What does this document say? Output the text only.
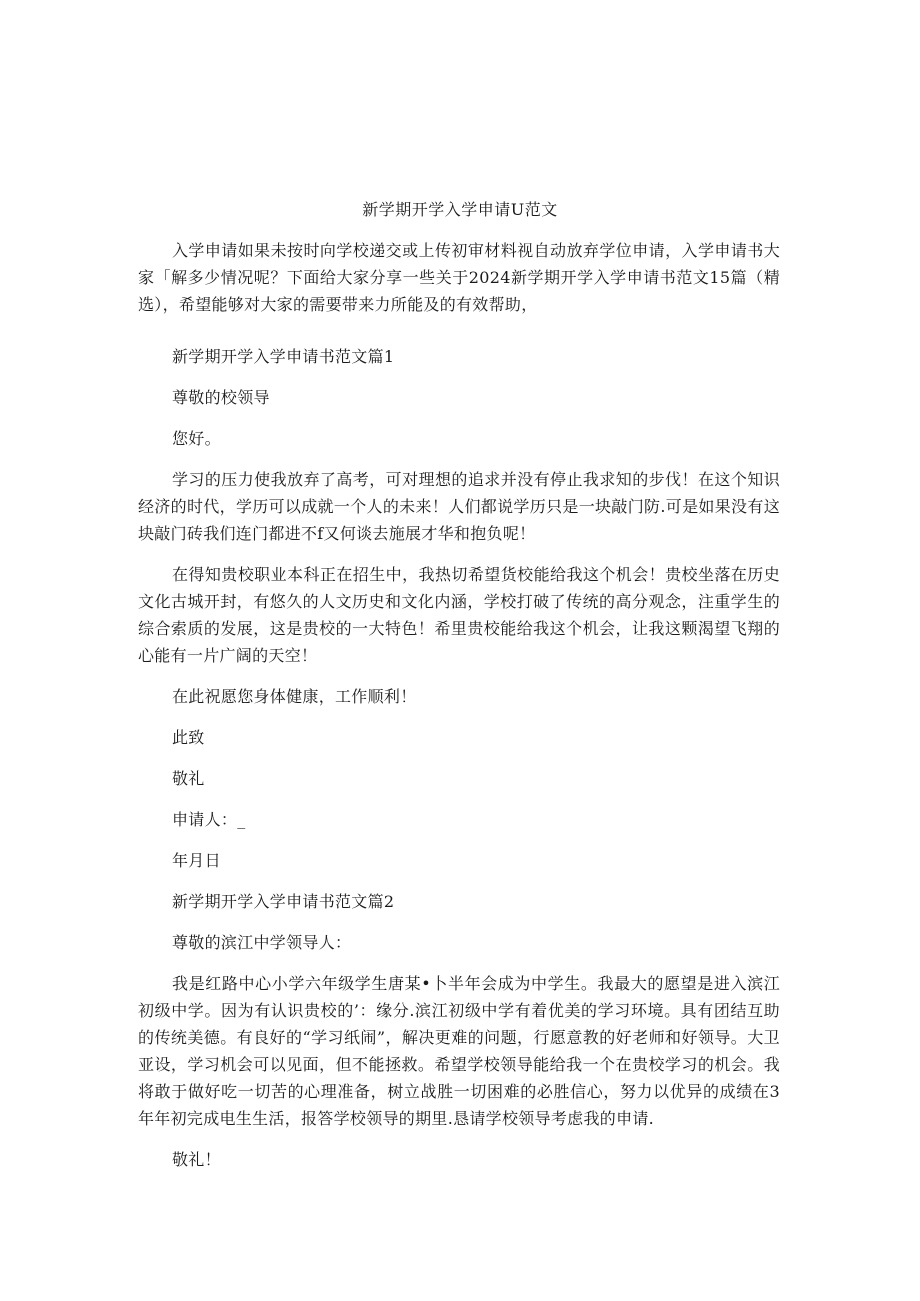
新学期开学入学申请U范文

入学申请如果未按时向学校递交或上传初审材料视自动放弃学位申请，入学申请书大家「解多少情况呢？下面给大家分享一些关于2024新学期开学入学申请书范文15篇（精选），希望能够对大家的需要带来力所能及的有效帮助，

新学期开学入学申请书范文篇1

尊敬的校领导

您好。

学习的压力使我放弃了高考，可对理想的追求并没有停止我求知的步伐！在这个知识经济的时代，学历可以成就一个人的未来！人们都说学历只是一块敲门防.可是如果没有这块敲门砖我们连门都进不f又何谈去施展才华和抱负呢！

在得知贵校职业本科正在招生中，我热切希望货校能给我这个机会！贵校坐落在历史文化古城开封，有悠久的人文历史和文化内涵，学校打破了传统的高分观念，注重学生的综合索质的发展，这是贵校的一大特色！希里贵校能给我这个机会，让我这颗渴望飞翔的心能有一片广阔的天空！

在此祝愿您身体健康，工作顺利！

此致

敬礼

申请人：_

年月日

新学期开学入学申请书范文篇2

尊敬的滨江中学领导人：

我是红路中心小学六年级学生唐某•卜半年会成为中学生。我最大的愿望是进入滨江初级中学。因为有认识贵校的’：缘分.滨江初级中学有着优美的学习环境。具有团结互助的传统美德。有良好的“学习纸闹”，解决更难的问题，行愿意教的好老师和好领导。大卫亚设，学习机会可以见面，但不能拯救。希望学校领导能给我一个在贵校学习的机会。我将敢于做好吃一切苦的心理准备，树立战胜一切困难的必胜信心，努力以优异的成绩在3年年初完成电生生活，报答学校领导的期里.恳请学校领导考虑我的申请.

敬礼！
